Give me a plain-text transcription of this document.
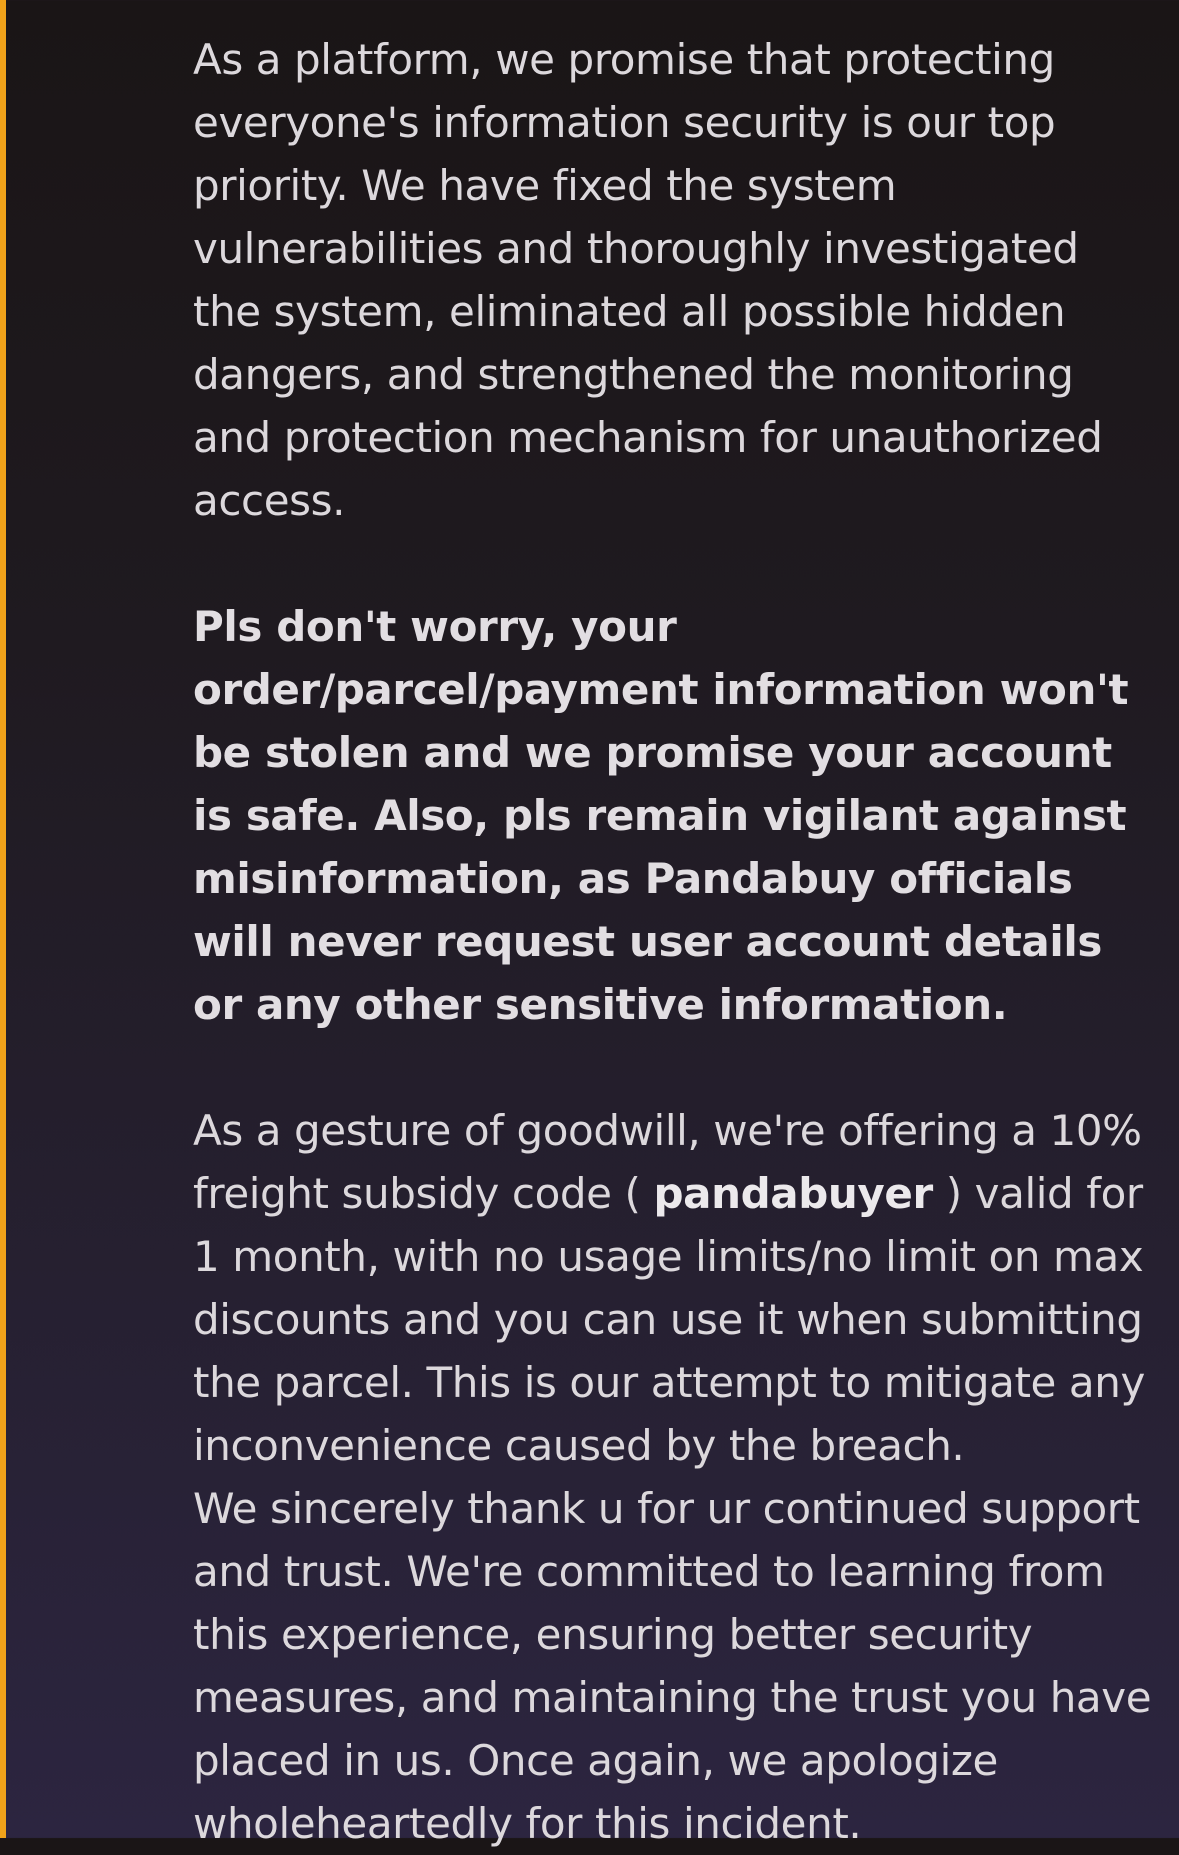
As a platform, we promise that protecting everyone's information security is our top priority. We have fixed the system vulnerabilities and thoroughly investigated the system, eliminated all possible hidden dangers, and strengthened the monitoring and protection mechanism for unauthorized access.

Pls don't worry, your order/parcel/payment information won't be stolen and we promise your account is safe. Also, pls remain vigilant against misinformation, as Pandabuy officials will never request user account details or any other sensitive information.

As a gesture of goodwill, we're offering a 10% freight subsidy code ( pandabuyer ) valid for 1 month, with no usage limits/no limit on max discounts and you can use it when submitting the parcel. This is our attempt to mitigate any inconvenience caused by the breach.

We sincerely thank u for ur continued support and trust. We're committed to learning from this experience, ensuring better security measures, and maintaining the trust you have placed in us. Once again, we apologize wholeheartedly for this incident.
